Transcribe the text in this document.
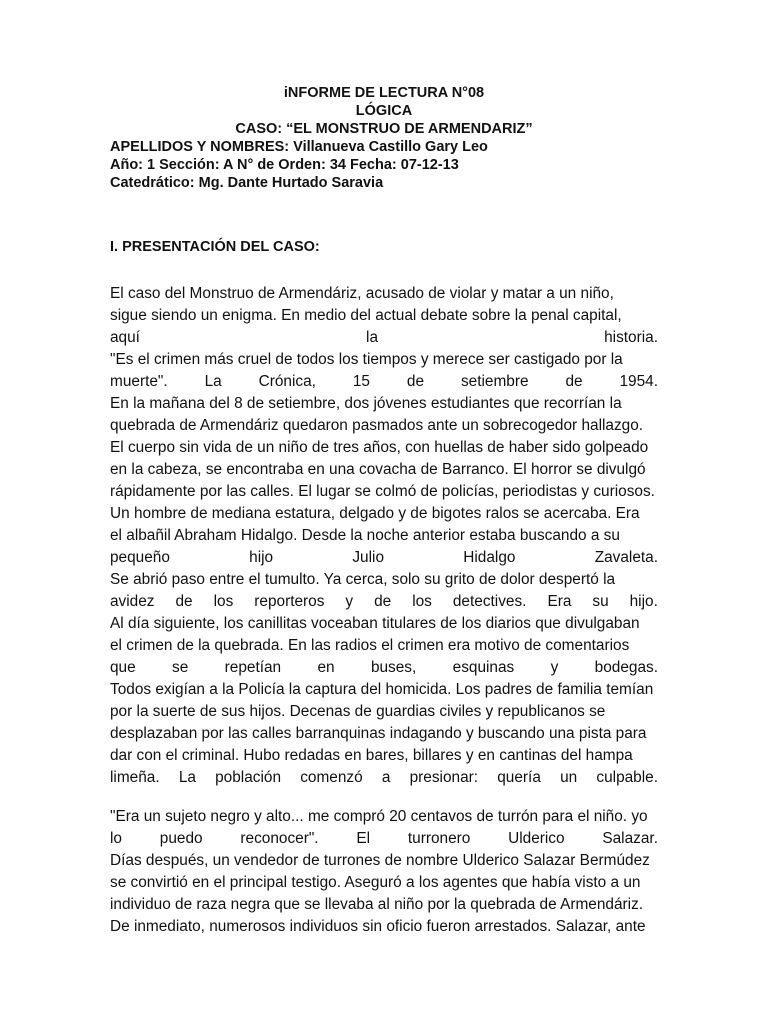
iNFORME DE LECTURA N°08
LÓGICA
CASO: “EL MONSTRUO DE ARMENDARIZ”
APELLIDOS Y NOMBRES: Villanueva Castillo Gary Leo
Año: 1 Sección: A N° de Orden: 34 Fecha: 07-12-13
Catedrático: Mg. Dante Hurtado Saravia
I. PRESENTACIÓN DEL CASO:
El caso del Monstruo de Armendáriz, acusado de violar y matar a un niño,
sigue siendo un enigma. En medio del actual debate sobre la penal capital,
aquí	la	historia.
"Es el crimen más cruel de todos los tiempos y merece ser castigado por la
muerte". La Crónica, 15 de setiembre de 1954.
En la mañana del 8 de setiembre, dos jóvenes estudiantes que recorrían la
quebrada de Armendáriz quedaron pasmados ante un sobrecogedor hallazgo.
El cuerpo sin vida de un niño de tres años, con huellas de haber sido golpeado
en la cabeza, se encontraba en una covacha de Barranco. El horror se divulgó
rápidamente por las calles. El lugar se colmó de policías, periodistas y curiosos.
Un hombre de mediana estatura, delgado y de bigotes ralos se acercaba. Era
el albañil Abraham Hidalgo. Desde la noche anterior estaba buscando a su
pequeño	hijo	Julio	Hidalgo	Zavaleta.
Se abrió paso entre el tumulto. Ya cerca, solo su grito de dolor despertó la
avidez de los reporteros y de los detectives. Era su hijo.
Al día siguiente, los canillitas voceaban titulares de los diarios que divulgaban
el crimen de la quebrada. En las radios el crimen era motivo de comentarios
que se repetían en buses, esquinas y bodegas.
Todos exigían a la Policía la captura del homicida. Los padres de familia temían
por la suerte de sus hijos. Decenas de guardias civiles y republicanos se
desplazaban por las calles barranquinas indagando y buscando una pista para
dar con el criminal. Hubo redadas en bares, billares y en cantinas del hampa
limeña. La población comenzó a presionar: quería un culpable.
"Era un sujeto negro y alto... me compró 20 centavos de turrón para el niño. yo
lo puedo reconocer". El turronero Ulderico Salazar.
Días después, un vendedor de turrones de nombre Ulderico Salazar Bermúdez
se convirtió en el principal testigo. Aseguró a los agentes que había visto a un
individuo de raza negra que se llevaba al niño por la quebrada de Armendáriz.
De inmediato, numerosos individuos sin oficio fueron arrestados. Salazar, ante
